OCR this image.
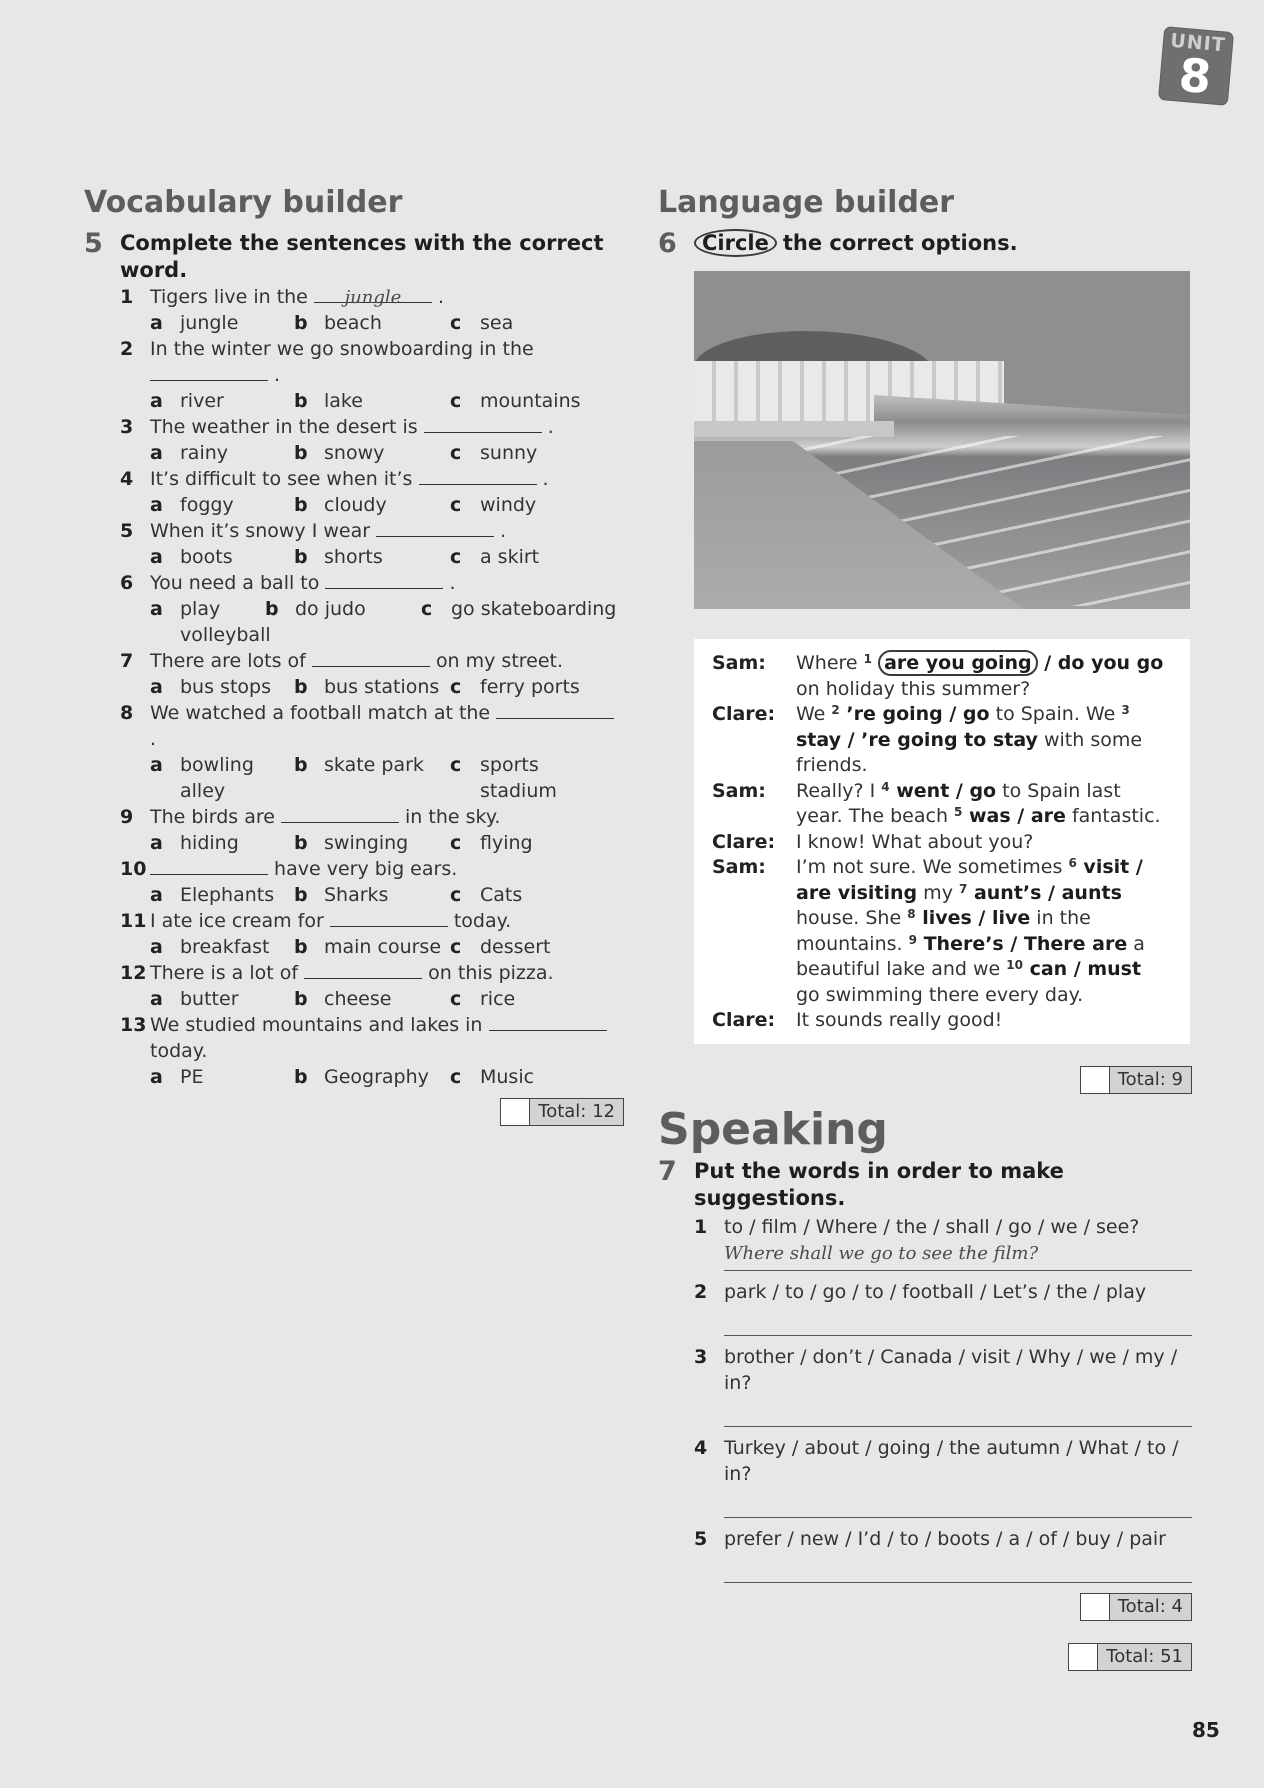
UNIT
8
Vocabulary builder
5 Complete the sentences with the correct word.
1 Tigers live in the jungle .
a jungle	b beach	c sea
2 In the winter we go snowboarding in the  .
a river	b lake	c mountains
3 The weather in the desert is	.
a rainy	b snowy	c sunny
4 It’s difficult to see when it’s	.
a foggy	b cloudy	c windy
5 When it’s snowy I wear	.
a boots	b shorts	c a skirt
6 You need a ball to	.
a play volleyball
b do judo	c go skateboarding
7 There are lots of	on my street.
a bus stops	b bus stations c ferry ports
8 We watched a football match at the  .
a bowling alley
b skate park	c sports stadium
9 The birds are	in the sky.
a hiding	b swinging	c flying
10	have very big ears.
a Elephants	b Sharks	c Cats
11 I ate ice cream for	today.
a breakfast	b main course c dessert
12 There is a lot of	on this pizza.
a butter	b cheese	c rice
13 We studied mountains and lakes in  today.
a PE	b Geography	c Music
Total: 12
Language builder
6	Circle the correct options.
Sam:	Where $^1$ are you going / do you go on holiday this summer?
Clare:	We $^2$ ’re going / go to Spain. We $^3$ stay / ’re going to stay with some friends.
Sam:	Really? I $^4$ went / go to Spain last year. The beach $^5$ was / are fantastic.
Clare:	I know! What about you?
Sam:	I’m not sure. We sometimes $^6$ visit / are visiting my $^7$ aunt’s / aunts house. She $^8$ lives / live in the mountains. $^9$ There’s / There are a beautiful lake and we $^{10}$ can / must go swimming there every day.
Clare:	It sounds really good!
Total: 9
Speaking
7 Put the words in order to make suggestions.
1 to / film / Where / the / shall / go / we / see?
Where shall we go to see the film?
2 park / to / go / to / football / Let’s / the / play
3 brother / don’t / Canada / visit / Why / we / my / in?
4 Turkey / about / going / the autumn / What / to / in?
5 prefer / new / I’d / to / boots / a / of / buy / pair
Total: 4
Total: 51
85
